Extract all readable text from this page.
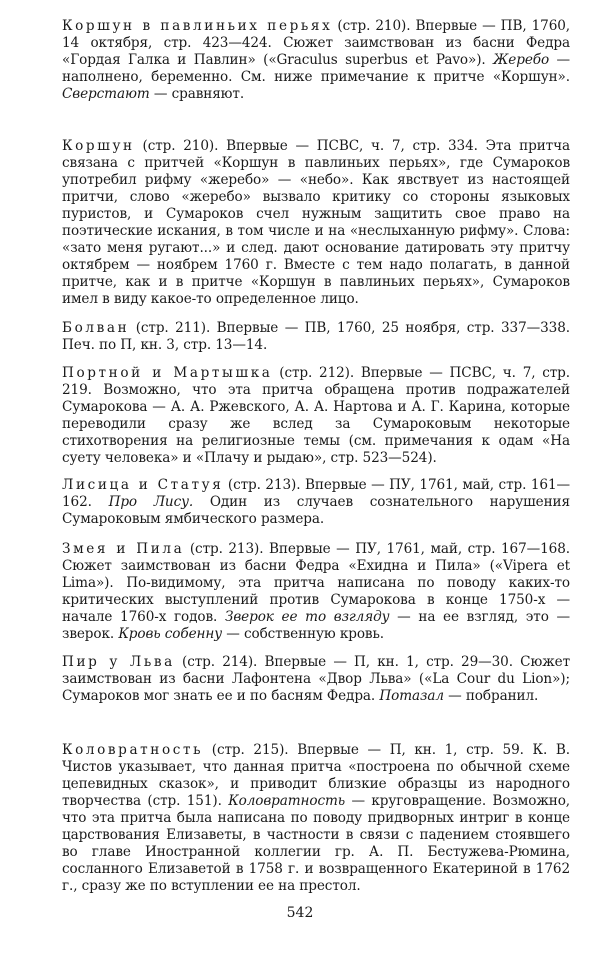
Коршун в павлиньих перьях (стр. 210). Впервые — ПВ, 1760, 14 октября, стр. 423—424. Сюжет заимствован из басни Федра «Гордая Галка и Павлин» («Graculus superbus et Pavo»). Жеребо — наполнено, беременно. См. ниже примечание к притче «Коршун». Сверстают — сравняют.

Коршун (стр. 210). Впервые — ПСВС, ч. 7, стр. 334. Эта притча связана с притчей «Коршун в павлиньих перьях», где Сумароков употребил рифму «жеребо» — «небо». Как явствует из настоящей притчи, слово «жеребо» вызвало критику со стороны языковых пуристов, и Сумароков счел нужным защитить свое право на поэтические искания, в том числе и на «неслыханную рифму». Слова: «зато меня ругают...» и след. дают основание датировать эту притчу октябрем — ноябрем 1760 г. Вместе с тем надо полагать, в данной притче, как и в притче «Коршун в павлиньих перьях», Сумароков имел в виду какое-то определенное лицо.

Болван (стр. 211). Впервые — ПВ, 1760, 25 ноября, стр. 337—338. Печ. по П, кн. 3, стр. 13—14.

Портной и Мартышка (стр. 212). Впервые — ПСВС, ч. 7, стр. 219. Возможно, что эта притча обращена против подражателей Сумарокова — А. А. Ржевского, А. А. Нартова и А. Г. Карина, которые переводили сразу же вслед за Сумароковым некоторые стихотворения на религиозные темы (см. примечания к одам «На суету человека» и «Плачу и рыдаю», стр. 523—524).

Лисица и Статуя (стр. 213). Впервые — ПУ, 1761, май, стр. 161—162. Про Лису. Один из случаев сознательного нарушения Сумароковым ямбического размера.

Змея и Пила (стр. 213). Впервые — ПУ, 1761, май, стр. 167—168. Сюжет заимствован из басни Федра «Ехидна и Пила» («Vipera et Lima»). По-видимому, эта притча написана по поводу каких-то критических выступлений против Сумарокова в конце 1750-х — начале 1760-х годов. Зверок ее то взгляду — на ее взгляд, это — зверок. Кровь собенну — собственную кровь.

Пир у Льва (стр. 214). Впервые — П, кн. 1, стр. 29—30. Сюжет заимствован из басни Лафонтена «Двор Льва» («La Cour du Lion»); Сумароков мог знать ее и по басням Федра. Потазал — побранил.

Коловратность (стр. 215). Впервые — П, кн. 1, стр. 59. К. В. Чистов указывает, что данная притча «построена по обычной схеме цепевидных сказок», и приводит близкие образцы из народного творчества (стр. 151). Коловратность — круговращение. Возможно, что эта притча была написана по поводу придворных интриг в конце царствования Елизаветы, в частности в связи с падением стоявшего во главе Иностранной коллегии гр. А. П. Бестужева-Рюмина, сосланного Елизаветой в 1758 г. и возвращенного Екатериной в 1762 г., сразу же по вступлении ее на престол.

542
